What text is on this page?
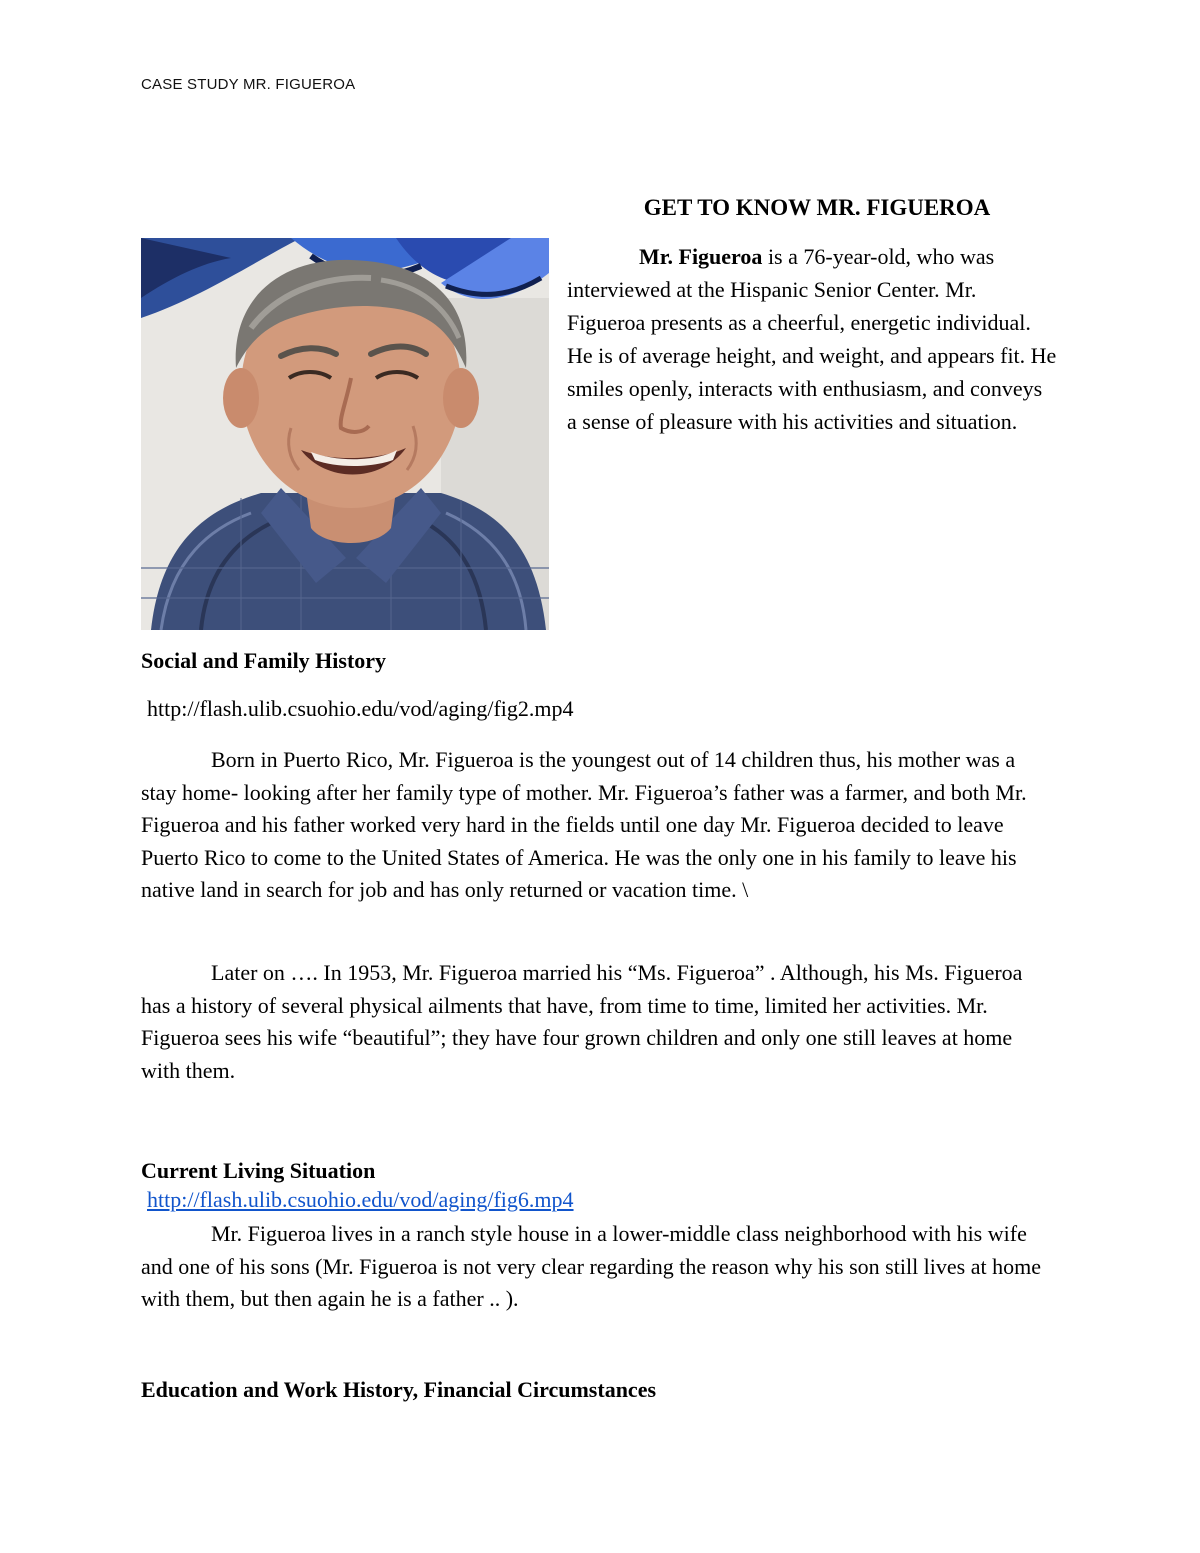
CASE STUDY MR. FIGUEROA
GET TO KNOW MR. FIGUEROA

Mr. Figueroa is a 76-year-old, who was interviewed at the Hispanic Senior Center. Mr. Figueroa presents as a cheerful, energetic individual. He is of average height, and weight, and appears fit. He smiles openly, interacts with enthusiasm, and conveys a sense of pleasure with his activities and situation.

Social and Family History
http://flash.ulib.csuohio.edu/vod/aging/fig2.mp4

Born in Puerto Rico, Mr. Figueroa is the youngest out of 14 children thus, his mother was a stay home- looking after her family type of mother. Mr. Figueroa’s father was a farmer, and both Mr. Figueroa and his father worked very hard in the fields until one day Mr. Figueroa decided to leave Puerto Rico to come to the United States of America. He was the only one in his family to leave his native land in search for job and has only returned or vacation time. \

Later on …. In 1953, Mr. Figueroa married his “Ms. Figueroa” . Although, his Ms. Figueroa has a history of several physical ailments that have, from time to time, limited her activities. Mr. Figueroa sees his wife “beautiful”; they have four grown children and only one still leaves at home with them.

Current Living Situation
http://flash.ulib.csuohio.edu/vod/aging/fig6.mp4

Mr. Figueroa lives in a ranch style house in a lower-middle class neighborhood with his wife and one of his sons (Mr. Figueroa is not very clear regarding the reason why his son still lives at home with them, but then again he is a father .. ).

Education and Work History, Financial Circumstances
